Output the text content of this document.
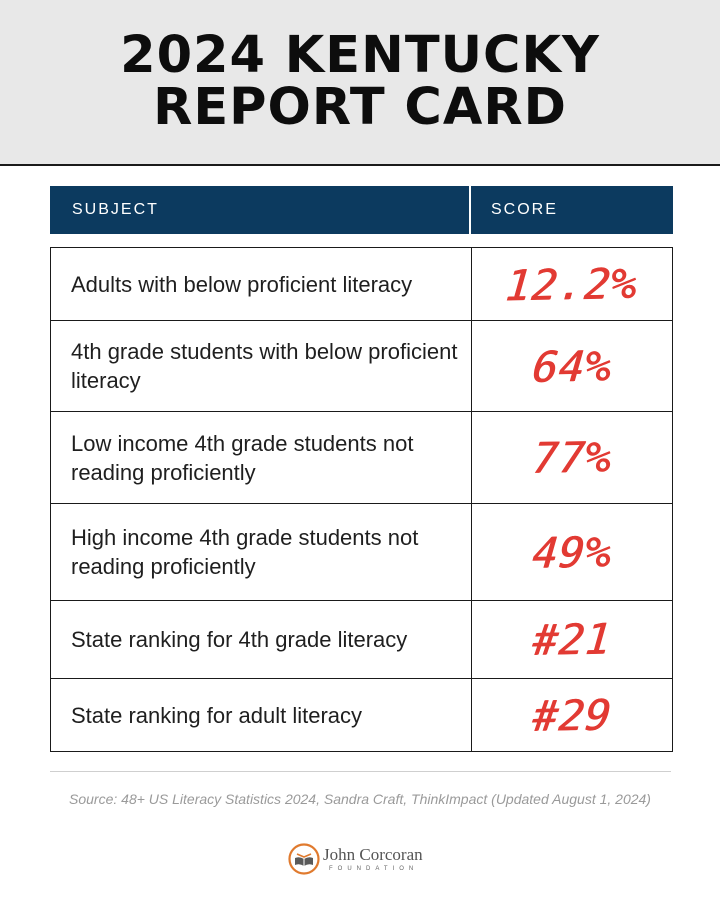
2024 KENTUCKY
REPORT CARD
SUBJECT	SCORE
Adults with below proficient literacy	12.2%
4th grade students with below proficient literacy	64%
Low income 4th grade students not reading proficiently	77%
High income 4th grade students not reading proficiently	49%
State ranking for 4th grade literacy	#21
State ranking for adult literacy	#29
Source: 48+ US Literacy Statistics 2024, Sandra Craft, ThinkImpact (Updated August 1, 2024)
John Corcoran
FOUNDATION
